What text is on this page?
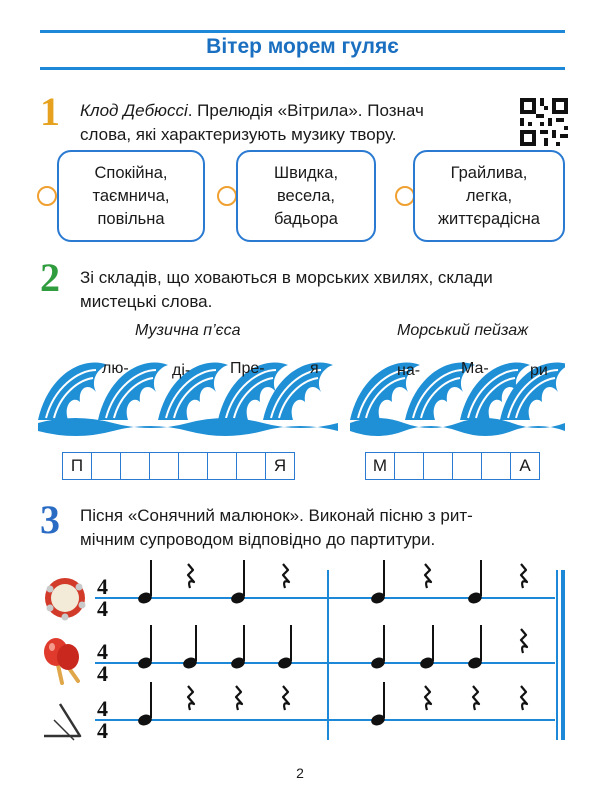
Вітер морем гуляє
1 Клод Дебюссі. Прелюдія «Вітрила». Познач
слова, які характеризують музику твору.
Спокійна,
таємнича,
повільна
Швидка,
весела,
бадьора
Грайлива,
легка,
життєрадісна
2 Зі складів, що ховаються в морських хвилях, склади
мистецькі слова.
Музична п’єса	Морський пейзаж
лю-	ді- Пре-	я	на-	Ма-	ри
П	Я	М	А
3 Пісня «Сонячний малюнок». Виконай пісню з рит-
мічним супроводом відповідно до партитури.
4
4
4
4
4
4
2
